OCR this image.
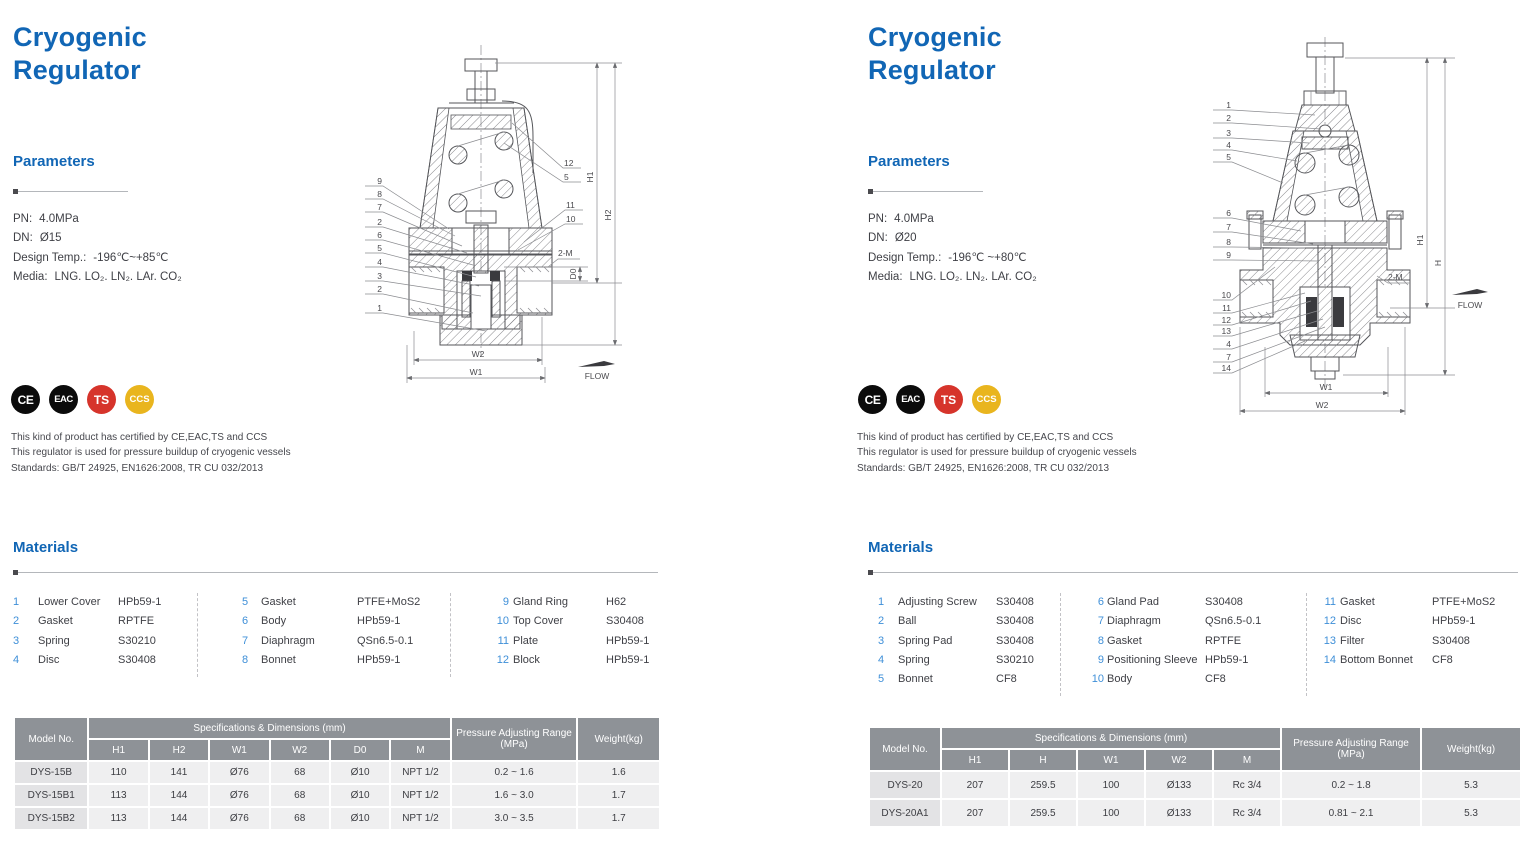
Cryogenic
Regulator
Parameters
PN: 4.0MPa
DN: Ø15
Design Temp.: -196℃~+85℃
Media: LNG. LO₂. LN₂. LAr. CO₂
CE	EAC	TS	CCS
This kind of product has certified by CE,EAC,TS and CCS
This regulator is used for pressure buildup of cryogenic vessels
Standards: GB/T 24925, EN1626:2008, TR CU 032/2013
Materials
1	Lower Cover	HPb59-1
2	Gasket	RPTFE
3	Spring	S30210
4	Disc	S30408
5	Gasket	PTFE+MoS2
6	Body	HPb59-1
7	Diaphragm	QSn6.5-0.1
8	Bonnet	HPb59-1
9 Gland Ring	H62
10 Top Cover	S30408
11 Plate	HPb59-1
12 Block	HPb59-1
Model No.	Specifications & Dimensions (mm)						Pressure Adjusting Range (MPa)	Weight(kg)
	H1	H2	W1	W2	D0	M		
DYS-15B	110	141	Ø76	68	Ø10	NPT 1/2	0.2 ~ 1.6	1.6
DYS-15B1	113	144	Ø76	68	Ø10	NPT 1/2	1.6 ~ 3.0	1.7
DYS-15B2	113	144	Ø76	68	Ø10	NPT 1/2	3.0 ~ 3.5	1.7
9
8
7
2
6
5
4
3
2
1
12
5
11
10
2-M
H1
H2
D0
W2
W1	FLOW
Cryogenic
Regulator
Parameters
PN: 4.0MPa
DN: Ø20
Design Temp.: -196℃ ~+80℃
Media: LNG. LO₂. LN₂. LAr. CO₂
CE	EAC	TS	CCS
This kind of product has certified by CE,EAC,TS and CCS
This regulator is used for pressure buildup of cryogenic vessels
Standards: GB/T 24925, EN1626:2008, TR CU 032/2013
Materials
1	Adjusting Screw	S30408
2	Ball	S30408
3	Spring Pad	S30408
4	Spring	S30210
5	Bonnet	CF8
6 Gland Pad	S30408
7 Diaphragm	QSn6.5-0.1
8 Gasket	RPTFE
9 Positioning Sleeve HPb59-1
10 Body	CF8
11 Gasket	PTFE+MoS2
12 Disc	HPb59-1
13 Filter	S30408
14 Bottom Bonnet	CF8
Model No.	Specifications & Dimensions (mm)					Pressure Adjusting Range (MPa)	Weight(kg)
	H1	H	W1	W2	M		
DYS-20	207	259.5	100	Ø133	Rc 3/4	0.2 ~ 1.8	5.3
DYS-20A1	207	259.5	100	Ø133	Rc 3/4	0.81 ~ 2.1	5.3
1
2
3
4
5
6
7
8
9
10
11
12
13
4
7
14
2-M
H1
H
W1
W2
FLOW
